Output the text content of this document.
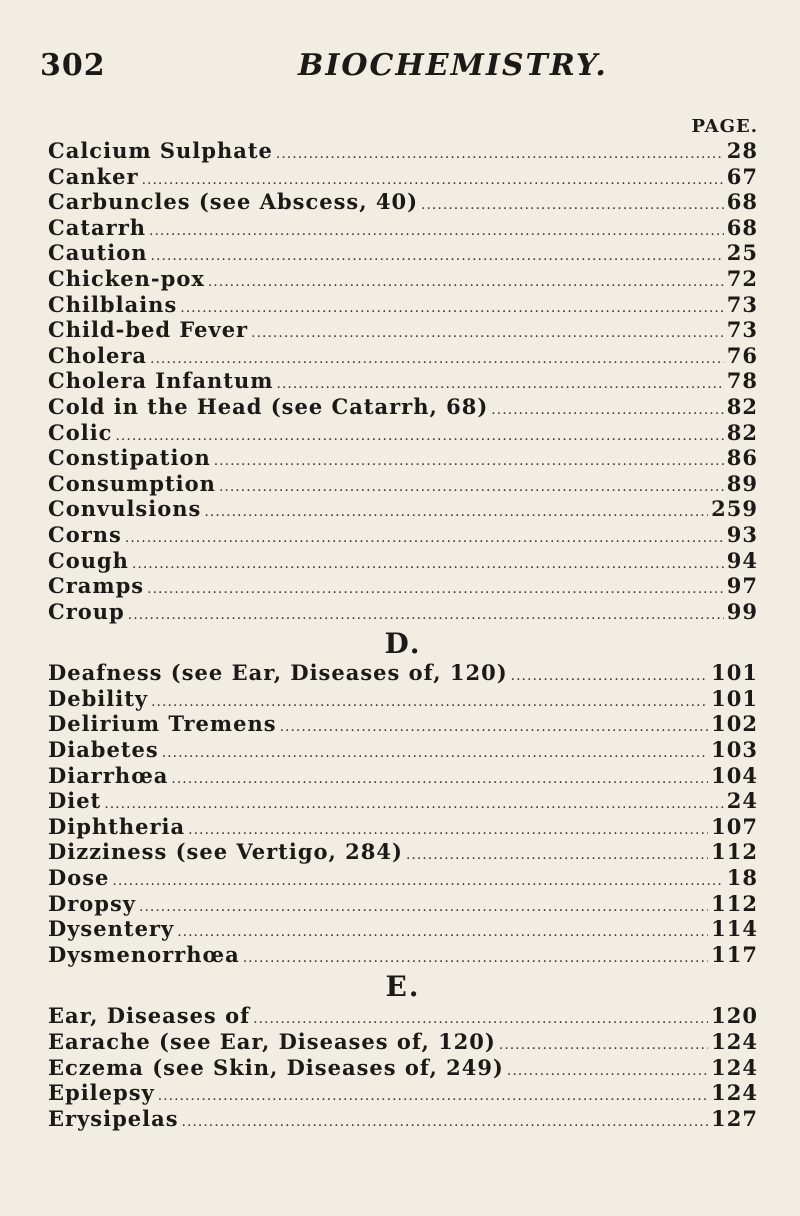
302	BIOCHEMISTRY.
PAGE.
Calcium Sulphate .....	28
Canker .....	67
Carbuncles (see Abscess, 40) .....	68
Catarrh .....	68
Caution .....	25
Chicken-pox .....	72
Chilblains .....	73
Child-bed Fever .....	73
Cholera .....	76
Cholera Infantum .....	78
Cold in the Head (see Catarrh, 68) .....	82
Colic .....	82
Constipation .....	86
Consumption .....	89
Convulsions .....	259
Corns .....	93
Cough .....	94
Cramps .....	97
Croup .....	99
D.
Deafness (see Ear, Diseases of, 120) .....	101
Debility .....	101
Delirium Tremens .....	102
Diabetes .....	103
Diarrhœa .....	104
Diet .....	24
Diphtheria .....	107
Dizziness (see Vertigo, 284) .....	112
Dose .....	18
Dropsy .....	112
Dysentery .....	114
Dysmenorrhœa .....	117
E.
Ear, Diseases of .....	120
Earache (see Ear, Diseases of, 120) .....	124
Eczema (see Skin, Diseases of, 249) .....	124
Epilepsy .....	124
Erysipelas .....	127
